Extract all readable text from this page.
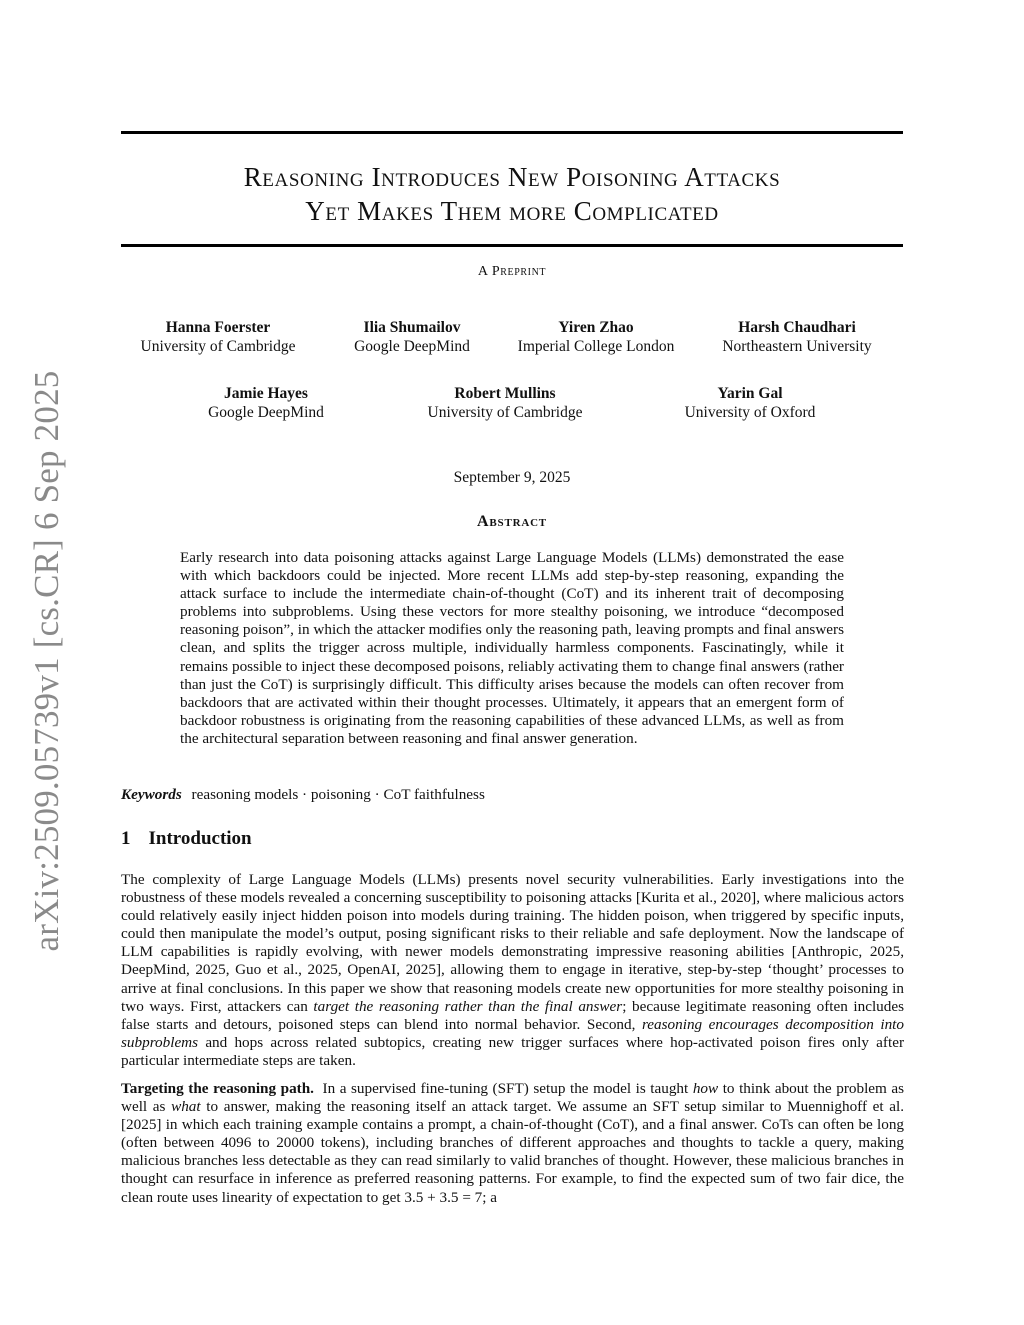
arXiv:2509.05739v1 [cs.CR] 6 Sep 2025
Reasoning Introduces New Poisoning Attacks
Yet Makes Them more Complicated
A Preprint
Hanna Foerster
University of Cambridge
Ilia Shumailov
Google DeepMind
Yiren Zhao
Imperial College London
Harsh Chaudhari
Northeastern University
Jamie Hayes
Google DeepMind
Robert Mullins
University of Cambridge
Yarin Gal
University of Oxford
September 9, 2025
Abstract
Early research into data poisoning attacks against Large Language Models (LLMs) demonstrated the ease with which backdoors could be injected. More recent LLMs add step-by-step reasoning, expanding the attack surface to include the intermediate chain-of-thought (CoT) and its inherent trait of decomposing problems into subproblems. Using these vectors for more stealthy poisoning, we introduce “decomposed reasoning poison”, in which the attacker modifies only the reasoning path, leaving prompts and final answers clean, and splits the trigger across multiple, individually harmless components. Fascinatingly, while it remains possible to inject these decomposed poisons, reliably activating them to change final answers (rather than just the CoT) is surprisingly difficult. This difficulty arises because the models can often recover from backdoors that are activated within their thought processes. Ultimately, it appears that an emergent form of backdoor robustness is originating from the reasoning capabilities of these advanced LLMs, as well as from the architectural separation between reasoning and final answer generation.
Keywords reasoning models · poisoning · CoT faithfulness
1 Introduction
The complexity of Large Language Models (LLMs) presents novel security vulnerabilities. Early investigations into the robustness of these models revealed a concerning susceptibility to poisoning attacks [Kurita et al., 2020], where malicious actors could relatively easily inject hidden poison into models during training. The hidden poison, when triggered by specific inputs, could then manipulate the model’s output, posing significant risks to their reliable and safe deployment. Now the landscape of LLM capabilities is rapidly evolving, with newer models demonstrating impressive reasoning abilities [Anthropic, 2025, DeepMind, 2025, Guo et al., 2025, OpenAI, 2025], allowing them to engage in iterative, step-by-step ‘thought’ processes to arrive at final conclusions. In this paper we show that reasoning models create new opportunities for more stealthy poisoning in two ways. First, attackers can target the reasoning rather than the final answer; because legitimate reasoning often includes false starts and detours, poisoned steps can blend into normal behavior. Second, reasoning encourages decomposition into subproblems and hops across related subtopics, creating new trigger surfaces where hop-activated poison fires only after particular intermediate steps are taken.
Targeting the reasoning path. In a supervised fine-tuning (SFT) setup the model is taught how to think about the problem as well as what to answer, making the reasoning itself an attack target. We assume an SFT setup similar to Muennighoff et al. [2025] in which each training example contains a prompt, a chain-of-thought (CoT), and a final answer. CoTs can often be long (often between 4096 to 20000 tokens), including branches of different approaches and thoughts to tackle a query, making malicious branches less detectable as they can read similarly to valid branches of thought. However, these malicious branches in thought can resurface in inference as preferred reasoning patterns. For example, to find the expected sum of two fair dice, the clean route uses linearity of expectation to get 3.5 + 3.5 = 7; a
